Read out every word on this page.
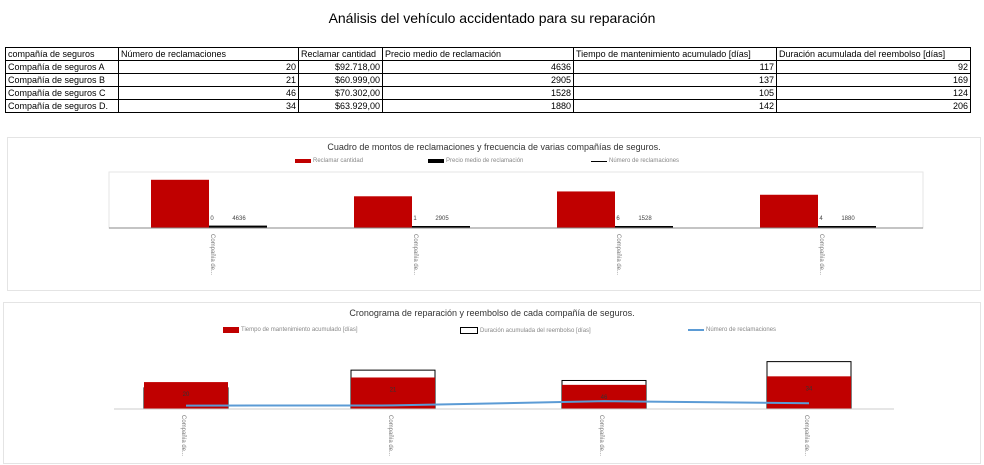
Análisis del vehículo accidentado para su reparación
compañía de seguros	Número de reclamaciones	Reclamar cantidad	Precio medio de reclamación	Tiempo de mantenimiento acumulado [días]	Duración acumulada del reembolso [días]
Compañía de seguros A	20	$92.718,00	4636	117	92
Compañía de seguros B	21	$60.999,00	2905	137	169
Compañía de seguros C	46	$70.302,00	1528	105	124
Compañía de seguros D.	34	$63.929,00	1880	142	206
Cuadro de montos de reclamaciones y frecuencia de varias compañías de seguros.
Reclamar cantidad	Precio medio de reclamación	Número de reclamaciones
4636
0
Compañía de...
2905
1
Compañía de...
1528
6
Compañía de...
1880
4
Compañía de...
Cronograma de reparación y reembolso de cada compañía de seguros.
Tiempo de mantenimiento acumulado [días]	Duración acumulada del reembolso [días]	Número de reclamaciones
20
Compañía de...
21
Compañía de...
46
Compañía de...
34
Compañía de...
